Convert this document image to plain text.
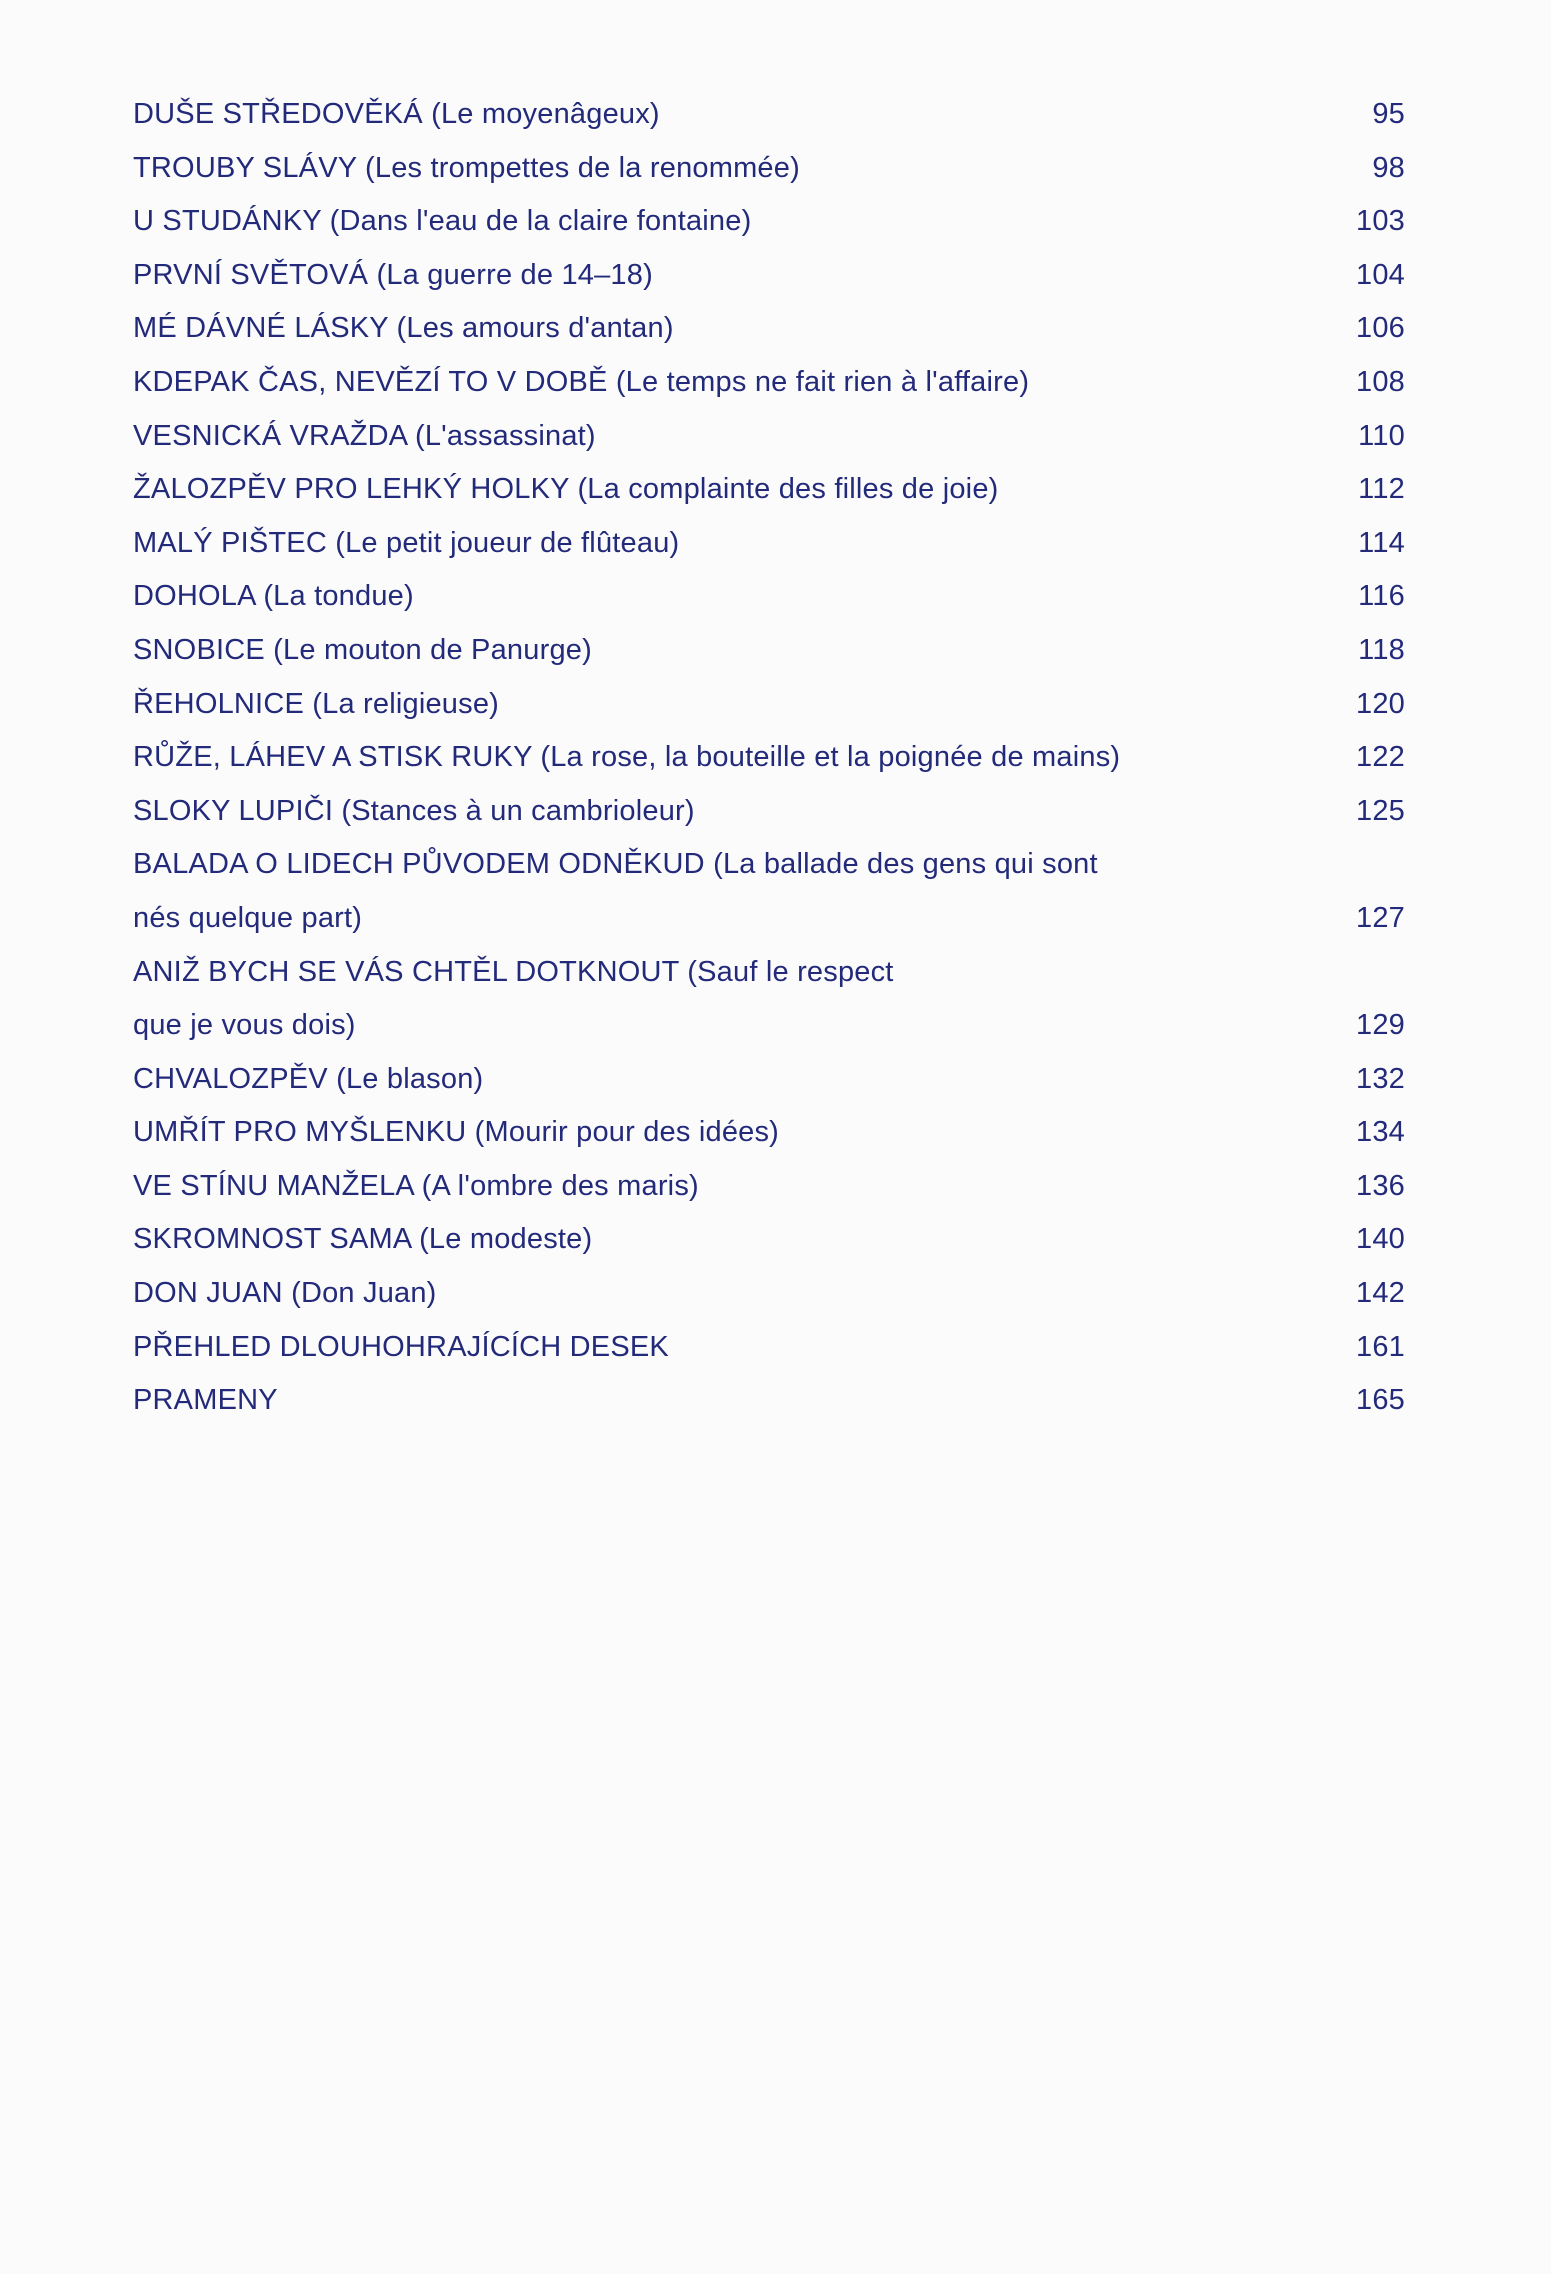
DUŠE STŘEDOVĚKÁ (Le moyenâgeux)	95
TROUBY SLÁVY (Les trompettes de la renommée)	98
U STUDÁNKY (Dans l'eau de la claire fontaine)	103
PRVNÍ SVĚTOVÁ (La guerre de 14–18)	104
MÉ DÁVNÉ LÁSKY (Les amours d'antan)	106
KDEPAK ČAS, NEVĚZÍ TO V DOBĚ (Le temps ne fait rien à l'affaire)	108
VESNICKÁ VRAŽDA (L'assassinat)	110
ŽALOZPĚV PRO LEHKÝ HOLKY (La complainte des filles de joie)	112
MALÝ PIŠTEC (Le petit joueur de flûteau)	114
DOHOLA (La tondue)	116
SNOBICE (Le mouton de Panurge)	118
ŘEHOLNICE (La religieuse)	120
RŮŽE, LÁHEV A STISK RUKY (La rose, la bouteille et la poignée de mains)	122
SLOKY LUPIČI (Stances à un cambrioleur)	125
BALADA O LIDECH PŮVODEM ODNĚKUD (La ballade des gens qui sont
nés quelque part)	127
ANIŽ BYCH SE VÁS CHTĚL DOTKNOUT (Sauf le respect
que je vous dois)	129
CHVALOZPĚV (Le blason)	132
UMŘÍT PRO MYŠLENKU (Mourir pour des idées)	134
VE STÍNU MANŽELA (A l'ombre des maris)	136
SKROMNOST SAMA (Le modeste)	140
DON JUAN (Don Juan)	142
PŘEHLED DLOUHOHRAJÍCÍCH DESEK	161
PRAMENY	165
